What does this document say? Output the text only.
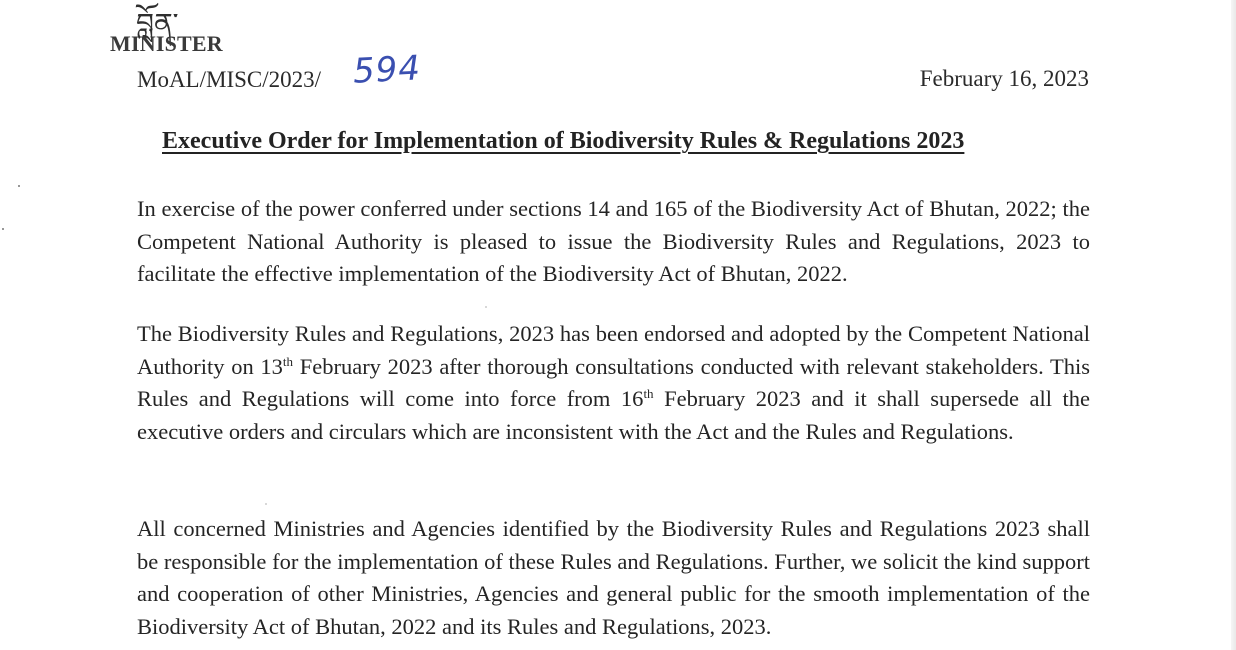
བློན་
MINISTER
MoAL/MISC/2023/ 594	February 16, 2023
Executive Order for Implementation of Biodiversity Rules & Regulations 2023
In exercise of the power conferred under sections 14 and 165 of the Biodiversity Act of Bhutan, 2022; the Competent National Authority is pleased to issue the Biodiversity Rules and Regulations, 2023 to facilitate the effective implementation of the Biodiversity Act of Bhutan, 2022.
The Biodiversity Rules and Regulations, 2023 has been endorsed and adopted by the Competent National Authority on 13th February 2023 after thorough consultations conducted with relevant stakeholders. This Rules and Regulations will come into force from 16th February 2023 and it shall supersede all the executive orders and circulars which are inconsistent with the Act and the Rules and Regulations.
All concerned Ministries and Agencies identified by the Biodiversity Rules and Regulations 2023 shall be responsible for the implementation of these Rules and Regulations. Further, we solicit the kind support and cooperation of other Ministries, Agencies and general public for the smooth implementation of the Biodiversity Act of Bhutan, 2022 and its Rules and Regulations, 2023.
